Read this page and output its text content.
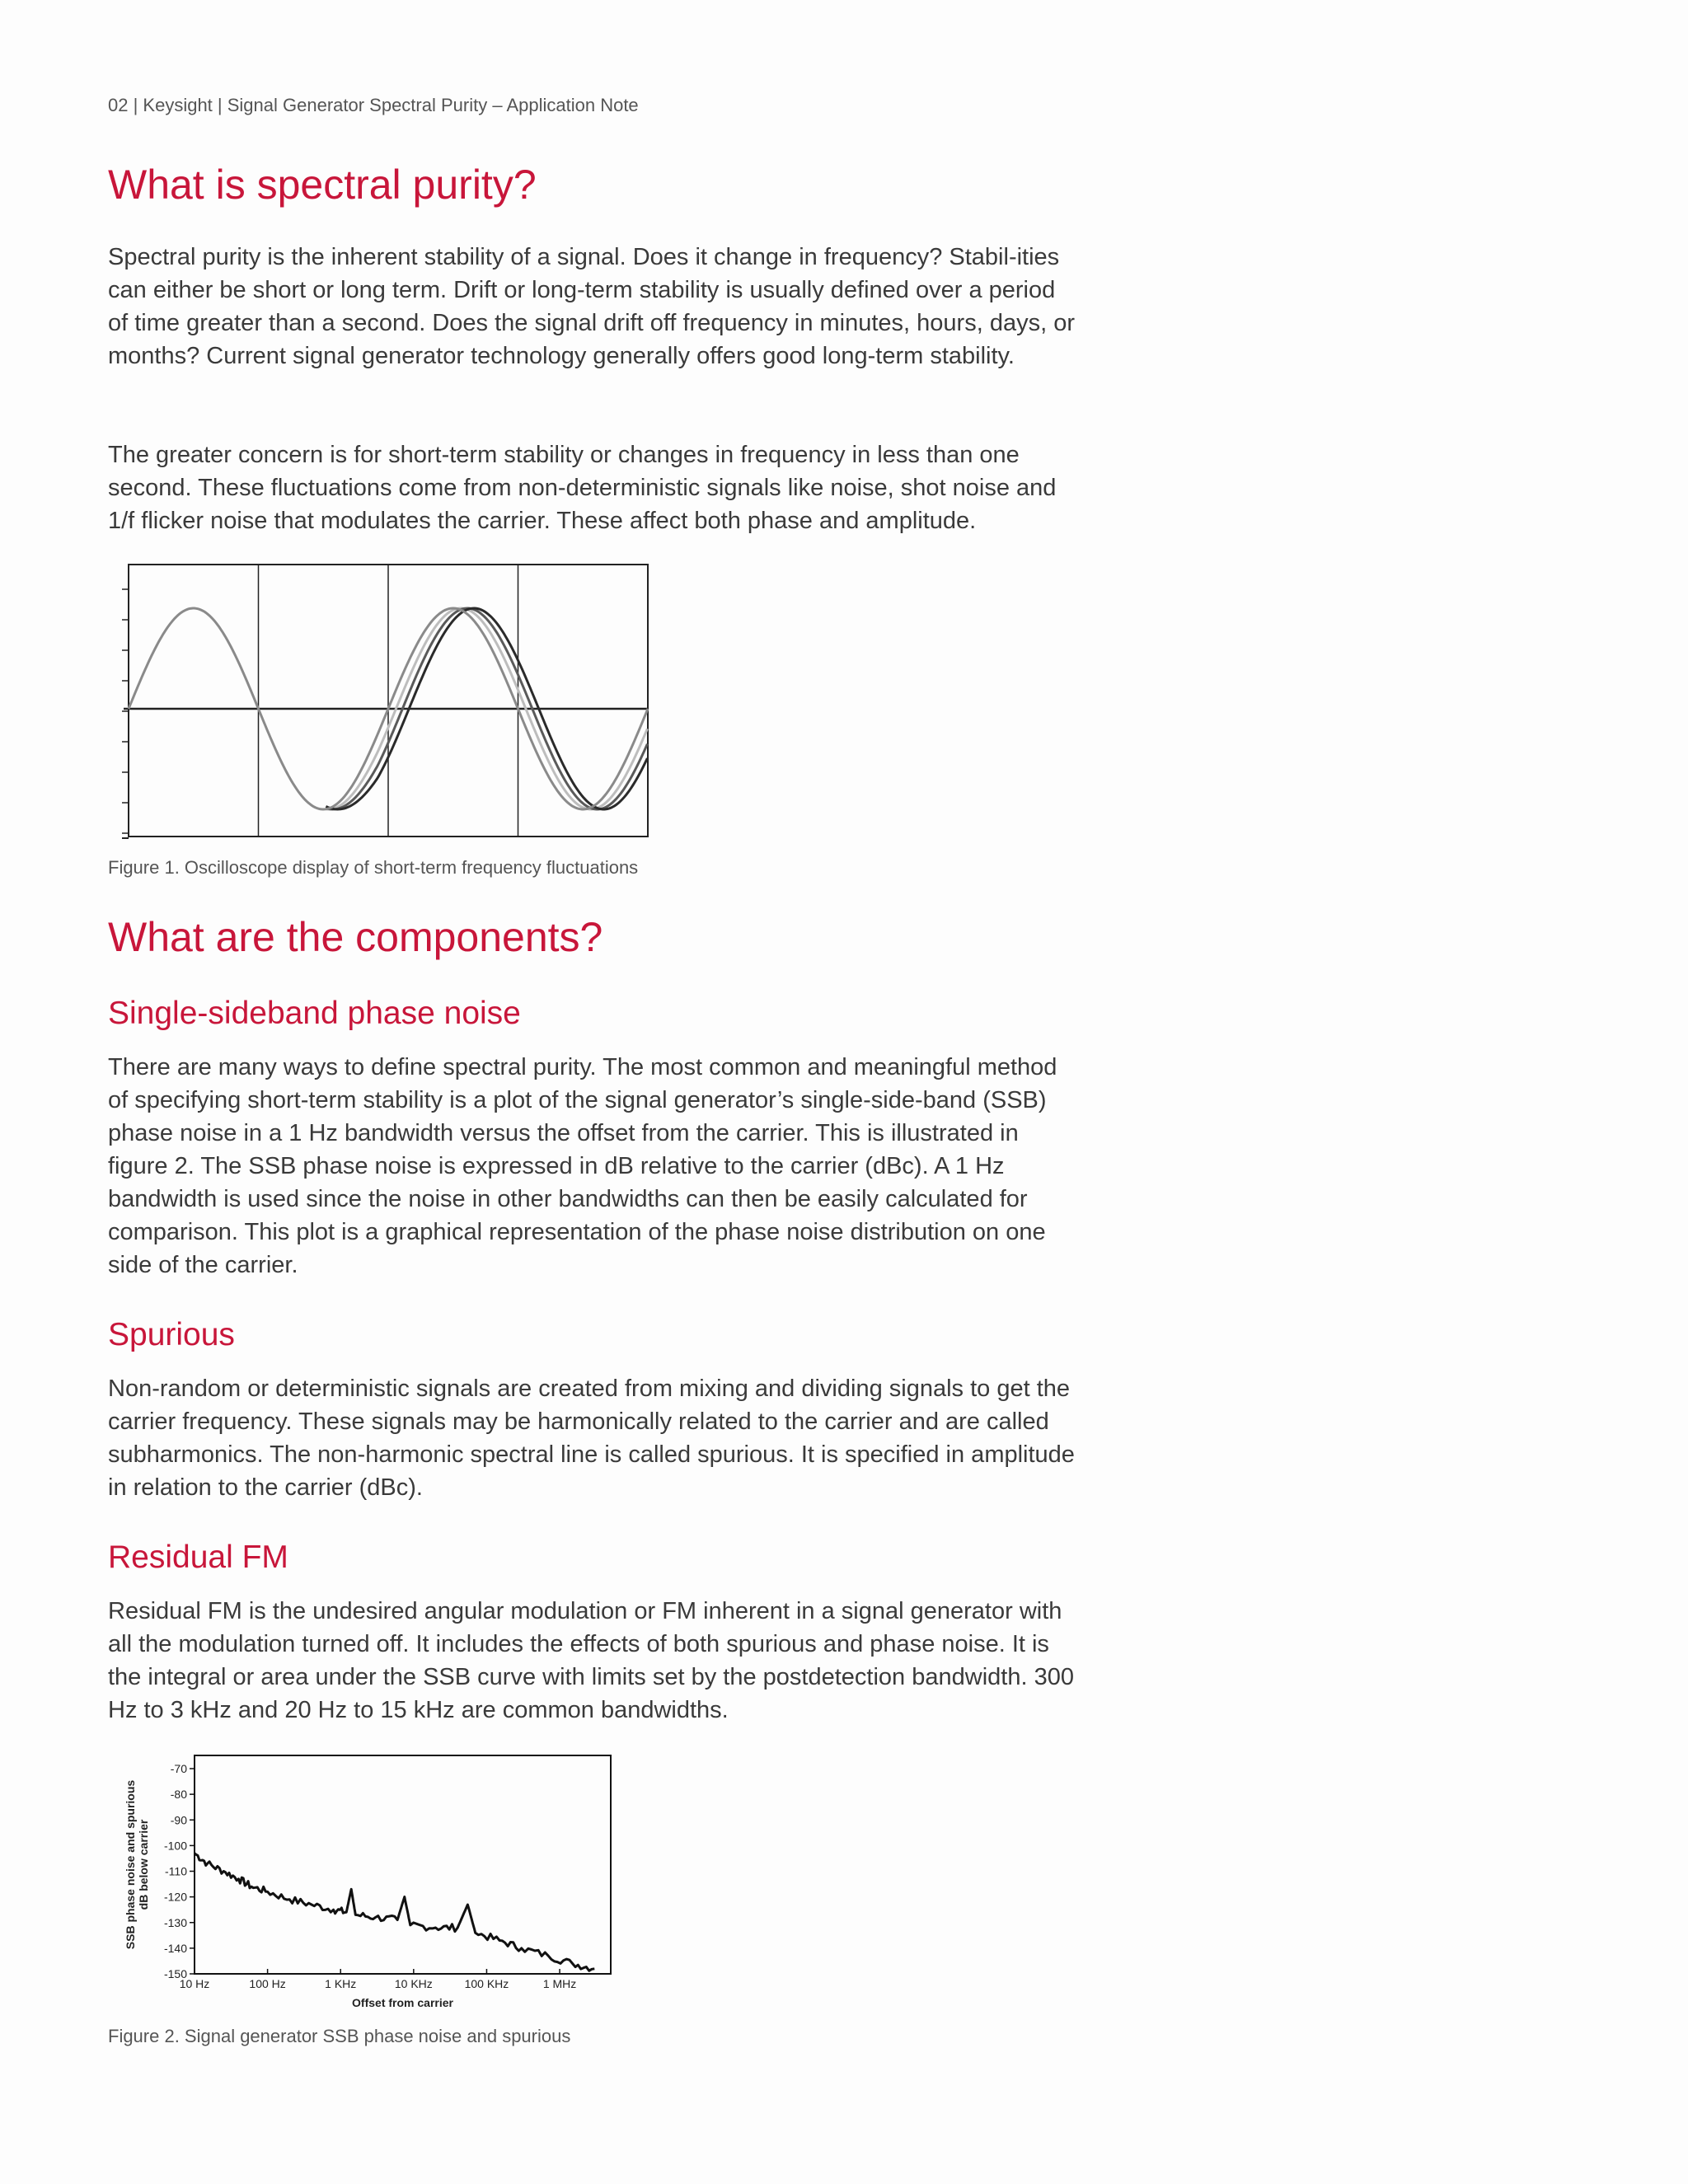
02 | Keysight | Signal Generator Spectral Purity – Application Note
What is spectral purity?

Spectral purity is the inherent stability of a signal. Does it change in frequency? Stabil-ities can either be short or long term. Drift or long-term stability is usually defined over a period of time greater than a second. Does the signal drift off frequency in minutes, hours, days, or months? Current signal generator technology generally offers good long-term stability.

The greater concern is for short-term stability or changes in frequency in less than one second. These fluctuations come from non-deterministic signals like noise, shot noise and 1/f flicker noise that modulates the carrier. These affect both phase and amplitude.

Figure 1. Oscilloscope display of short-term frequency fluctuations
What are the components?
Single-sideband phase noise

There are many ways to define spectral purity. The most common and meaningful method of specifying short-term stability is a plot of the signal generator’s single-side-band (SSB) phase noise in a 1 Hz bandwidth versus the offset from the carrier. This is illustrated in figure 2. The SSB phase noise is expressed in dB relative to the carrier (dBc). A 1 Hz bandwidth is used since the noise in other bandwidths can then be easily calculated for comparison. This plot is a graphical representation of the phase noise distribution on one side of the carrier.

Spurious

Non-random or deterministic signals are created from mixing and dividing signals to get the carrier frequency. These signals may be harmonically related to the carrier and are called subharmonics. The non-harmonic spectral line is called spurious. It is specified in amplitude in relation to the carrier (dBc).

Residual FM

Residual FM is the undesired angular modulation or FM inherent in a signal generator with all the modulation turned off. It includes the effects of both spurious and phase noise. It is the integral or area under the SSB curve with limits set by the postdetection bandwidth. 300 Hz to 3 kHz and 20 Hz to 15 kHz are common bandwidths.

SSB phase noise and spurious dB below carrier
-70
-80
-90
-100
-110
-120
-130
-140
-150
10 Hz	100 Hz	1 KHz	10 KHz	100 KHz	1 MHz
Offset from carrier
Figure 2. Signal generator SSB phase noise and spurious
